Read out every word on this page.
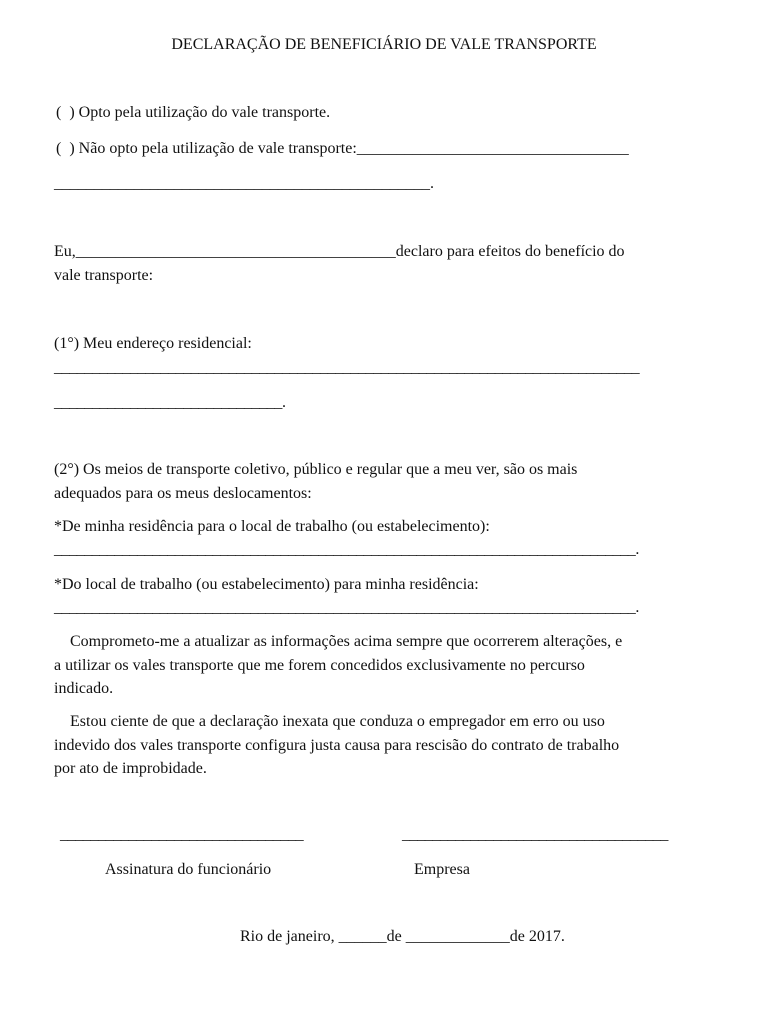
DECLARAÇÃO DE BENEFICIÁRIO DE VALE TRANSPORTE
(  ) Opto pela utilização do vale transporte.
(  ) Não opto pela utilização de vale transporte:__________________________________
_______________________________________________.
Eu,________________________________________declaro para efeitos do benefício do
vale transporte:
(1°) Meu endereço residencial:
_____________________________________________________________________________
______________________________.
(2°) Os meios de transporte coletivo, público e regular que a meu ver, são os mais
adequados para os meus deslocamentos:
*De minha residência para o local de trabalho (ou estabelecimento):
_____________________________________________________________________________.
*Do local de trabalho (ou estabelecimento) para minha residência:
_____________________________________________________________________________.
Comprometo-me a atualizar as informações acima sempre que ocorrerem alterações, e
a utilizar os vales transporte que me forem concedidos exclusivamente no percurso
indicado.
Estou ciente de que a declaração inexata que conduza o empregador em erro ou uso
indevido dos vales transporte configura justa causa para rescisão do contrato de trabalho
por ato de improbidade.
________________________________	___________________________________
Assinatura do funcionário	Empresa
Rio de janeiro, ______de _____________de 2017.
